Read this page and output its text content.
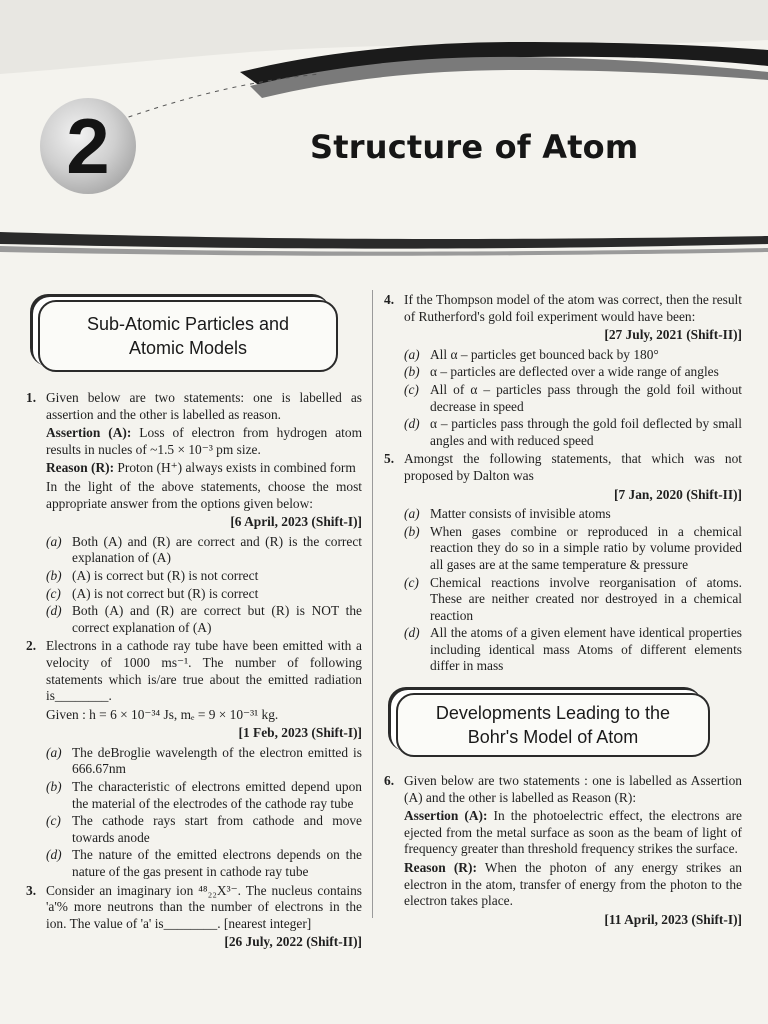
2	Structure of Atom
Sub-Atomic Particles and
Atomic Models
1. Given below are two statements: one is labelled as assertion and the other is labelled as reason.
Assertion (A): Loss of electron from hydrogen atom results in nucles of ~1.5 × 10⁻³ pm size.
Reason (R): Proton (H⁺) always exists in combined form
In the light of the above statements, choose the most appropriate answer from the options given below:
[6 April, 2023 (Shift-I)]
(a) Both (A) and (R) are correct and (R) is the correct explanation of (A)
(b) (A) is correct but (R) is not correct
(c) (A) is not correct but (R) is correct
(d) Both (A) and (R) are correct but (R) is NOT the correct explanation of (A)
2. Electrons in a cathode ray tube have been emitted with a velocity of 1000 ms⁻¹. The number of following statements which is/are true about the emitted radiation is________.
Given : h = 6 × 10⁻³⁴ Js, mₑ = 9 × 10⁻³¹ kg.
[1 Feb, 2023 (Shift-I)]
(a) The deBroglie wavelength of the electron emitted is 666.67nm
(b) The characteristic of electrons emitted depend upon the material of the electrodes of the cathode ray tube
(c) The cathode rays start from cathode and move towards anode
(d) The nature of the emitted electrons depends on the nature of the gas present in cathode ray tube
3. Consider an imaginary ion ⁴⁸₂₂X³⁻. The nucleus contains 'a'% more neutrons than the number of electrons in the ion. The value of 'a' is________. [nearest integer]
[26 July, 2022 (Shift-II)]
4. If the Thompson model of the atom was correct, then the result of Rutherford's gold foil experiment would have been:
[27 July, 2021 (Shift-II)]
(a) All α – particles get bounced back by 180°
(b) α – particles are deflected over a wide range of angles
(c) All of α – particles pass through the gold foil without decrease in speed
(d) α – particles pass through the gold foil deflected by small angles and with reduced speed
5. Amongst the following statements, that which was not proposed by Dalton was
[7 Jan, 2020 (Shift-II)]
(a) Matter consists of invisible atoms
(b) When gases combine or reproduced in a chemical reaction they do so in a simple ratio by volume provided all gases are at the same temperature & pressure
(c) Chemical reactions involve reorganisation of atoms. These are neither created nor destroyed in a chemical reaction
(d) All the atoms of a given element have identical properties including identical mass Atoms of different elements differ in mass
Developments Leading to the
Bohr's Model of Atom
6. Given below are two statements : one is labelled as Assertion (A) and the other is labelled as Reason (R):
Assertion (A): In the photoelectric effect, the electrons are ejected from the metal surface as soon as the beam of light of frequency greater than threshold frequency strikes the surface.
Reason (R): When the photon of any energy strikes an electron in the atom, transfer of energy from the photon to the electron takes place.
[11 April, 2023 (Shift-I)]
